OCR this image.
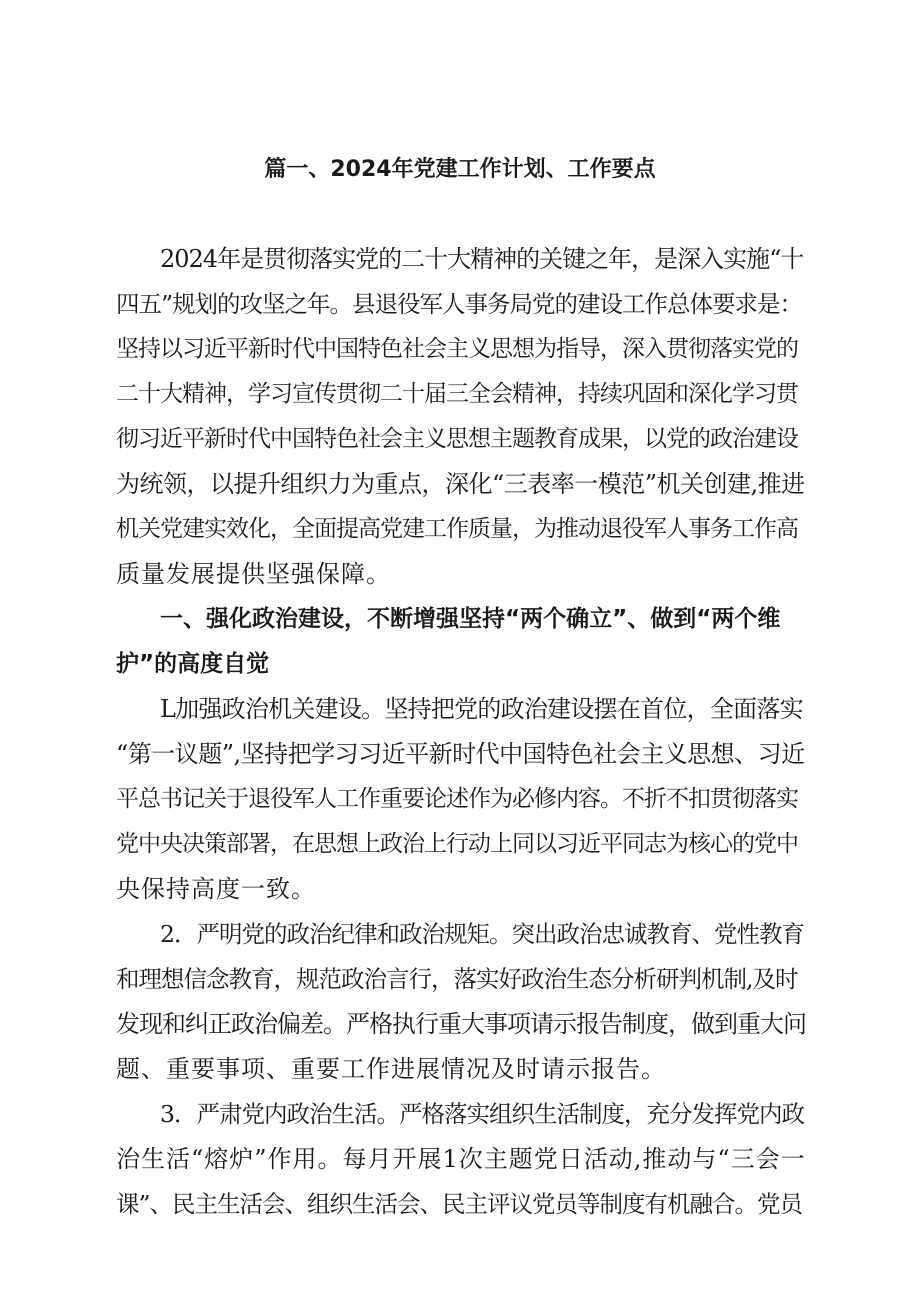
篇一、2024年党建工作计划、工作要点
2024年是贯彻落实党的二十大精神的关键之年，是深入实施“十
四五”规划的攻坚之年。县退役军人事务局党的建设工作总体要求是：
坚持以习近平新时代中国特色社会主义思想为指导，深入贯彻落实党的
二十大精神，学习宣传贯彻二十届三全会精神，持续巩固和深化学习贯
彻习近平新时代中国特色社会主义思想主题教育成果，以党的政治建设
为统领，以提升组织力为重点，深化“三表率一模范”机关创建,推进
机关党建实效化，全面提高党建工作质量，为推动退役军人事务工作高
质量发展提供坚强保障。
一、强化政治建设，不断增强坚持“两个确立”、做到“两个维
护”的高度自觉
L加强政治机关建设。坚持把党的政治建设摆在首位，全面落实
“第一议题”,坚持把学习习近平新时代中国特色社会主义思想、习近
平总书记关于退役军人工作重要论述作为必修内容。不折不扣贯彻落实
党中央决策部署，在思想上政治上行动上同以习近平同志为核心的党中
央保持高度一致。
2．严明党的政治纪律和政治规矩。突出政治忠诚教育、党性教育
和理想信念教育，规范政治言行，落实好政治生态分析研判机制,及时
发现和纠正政治偏差。严格执行重大事项请示报告制度，做到重大问
题、重要事项、重要工作进展情况及时请示报告。
3．严肃党内政治生活。严格落实组织生活制度，充分发挥党内政
治生活“熔炉”作用。每月开展1次主题党日活动,推动与“三会一
课”、民主生活会、组织生活会、民主评议党员等制度有机融合。党员
